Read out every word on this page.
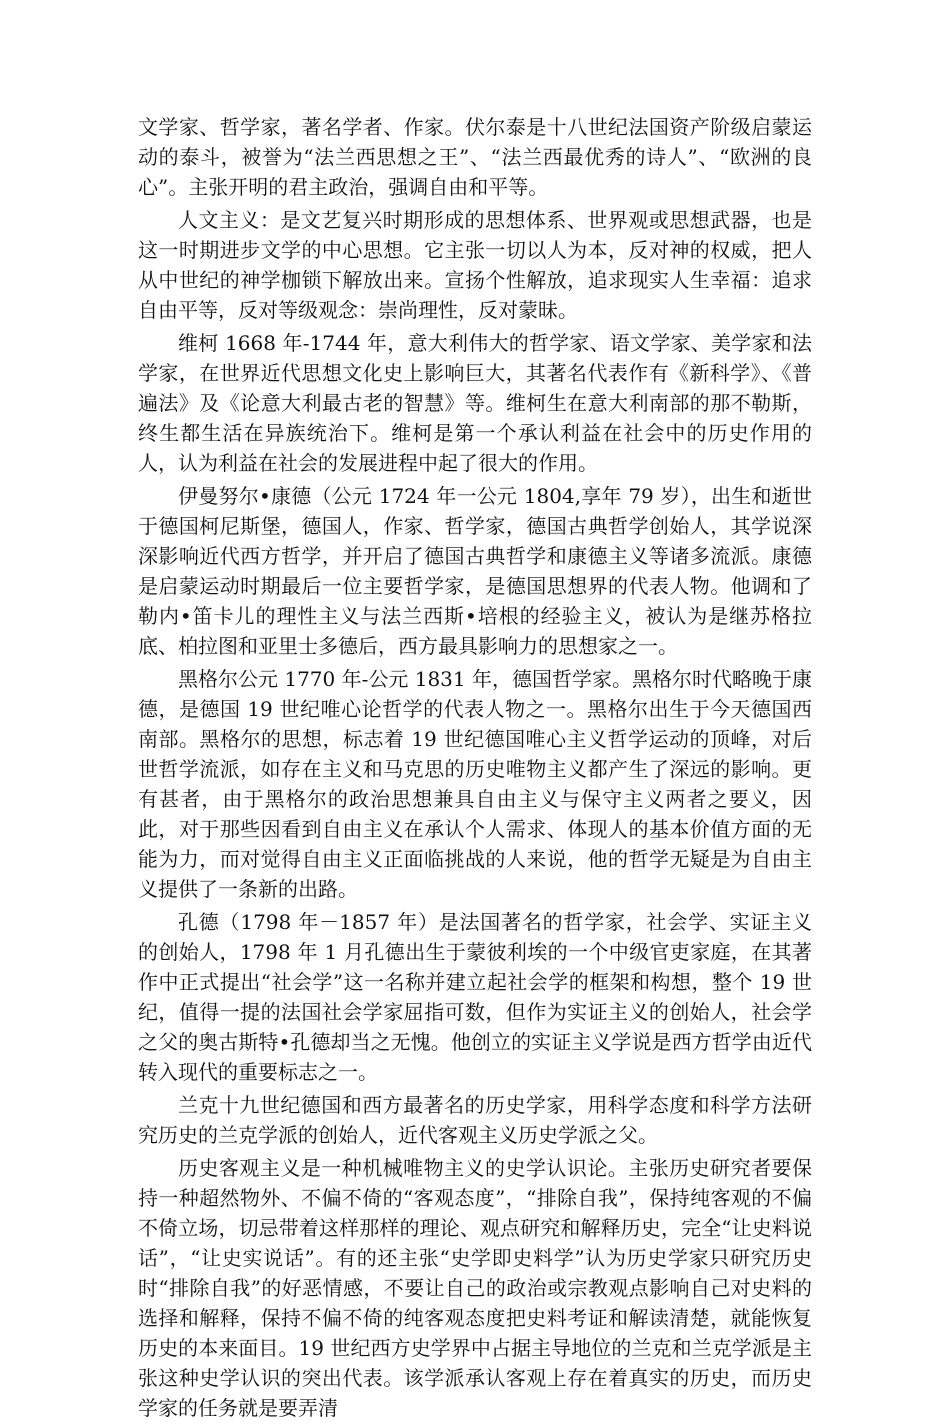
文学家、哲学家，著名学者、作家。伏尔泰是十八世纪法国资产阶级启蒙运动的泰斗，被誉为“法兰西思想之王”、“法兰西最优秀的诗人”、“欧洲的良心”。主张开明的君主政治，强调自由和平等。

人文主义：是文艺复兴时期形成的思想体系、世界观或思想武器，也是这一时期进步文学的中心思想。它主张一切以人为本，反对神的权威，把人从中世纪的神学枷锁下解放出来。宣扬个性解放，追求现实人生幸福：追求自由平等，反对等级观念：崇尚理性，反对蒙昧。

维柯 1668 年-1744 年，意大利伟大的哲学家、语文学家、美学家和法学家，在世界近代思想文化史上影响巨大，其著名代表作有《新科学》、《普遍法》及《论意大利最古老的智慧》等。维柯生在意大利南部的那不勒斯，终生都生活在异族统治下。维柯是第一个承认利益在社会中的历史作用的人，认为利益在社会的发展进程中起了很大的作用。

伊曼努尔•康德（公元 1724 年一公元 1804,享年 79 岁），出生和逝世于德国柯尼斯堡，德国人，作家、哲学家，德国古典哲学创始人，其学说深深影响近代西方哲学，并开启了德国古典哲学和康德主义等诸多流派。康德是启蒙运动时期最后一位主要哲学家，是德国思想界的代表人物。他调和了勒内•笛卡儿的理性主义与法兰西斯•培根的经验主义，被认为是继苏格拉底、柏拉图和亚里士多德后，西方最具影响力的思想家之一。

黑格尔公元 1770 年-公元 1831 年，德国哲学家。黑格尔时代略晚于康德，是德国 19 世纪唯心论哲学的代表人物之一。黑格尔出生于今天德国西南部。黑格尔的思想，标志着 19 世纪德国唯心主义哲学运动的顶峰，对后世哲学流派，如存在主义和马克思的历史唯物主义都产生了深远的影响。更有甚者，由于黑格尔的政治思想兼具自由主义与保守主义两者之要义，因此，对于那些因看到自由主义在承认个人需求、体现人的基本价值方面的无能为力，而对觉得自由主义正面临挑战的人来说，他的哲学无疑是为自由主义提供了一条新的出路。

孔德（1798 年－1857 年）是法国著名的哲学家，社会学、实证主义的创始人，1798 年 1 月孔德出生于蒙彼利埃的一个中级官吏家庭，在其著作中正式提出“社会学”这一名称并建立起社会学的框架和构想，整个 19 世纪，值得一提的法国社会学家屈指可数，但作为实证主义的创始人，社会学之父的奥古斯特•孔德却当之无愧。他创立的实证主义学说是西方哲学由近代转入现代的重要标志之一。

兰克十九世纪德国和西方最著名的历史学家，用科学态度和科学方法研究历史的兰克学派的创始人，近代客观主义历史学派之父。

历史客观主义是一种机械唯物主义的史学认识论。主张历史研究者要保持一种超然物外、不偏不倚的“客观态度”，“排除自我”，保持纯客观的不偏不倚立场，切忌带着这样那样的理论、观点研究和解释历史，完全“让史料说话”，“让史实说话”。有的还主张“史学即史料学”认为历史学家只研究历史时“排除自我”的好恶情感，不要让自己的政治或宗教观点影响自己对史料的选择和解释，保持不偏不倚的纯客观态度把史料考证和解读清楚，就能恢复历史的本来面目。19 世纪西方史学界中占据主导地位的兰克和兰克学派是主张这种史学认识的突出代表。该学派承认客观上存在着真实的历史，而历史学家的任务就是要弄清
